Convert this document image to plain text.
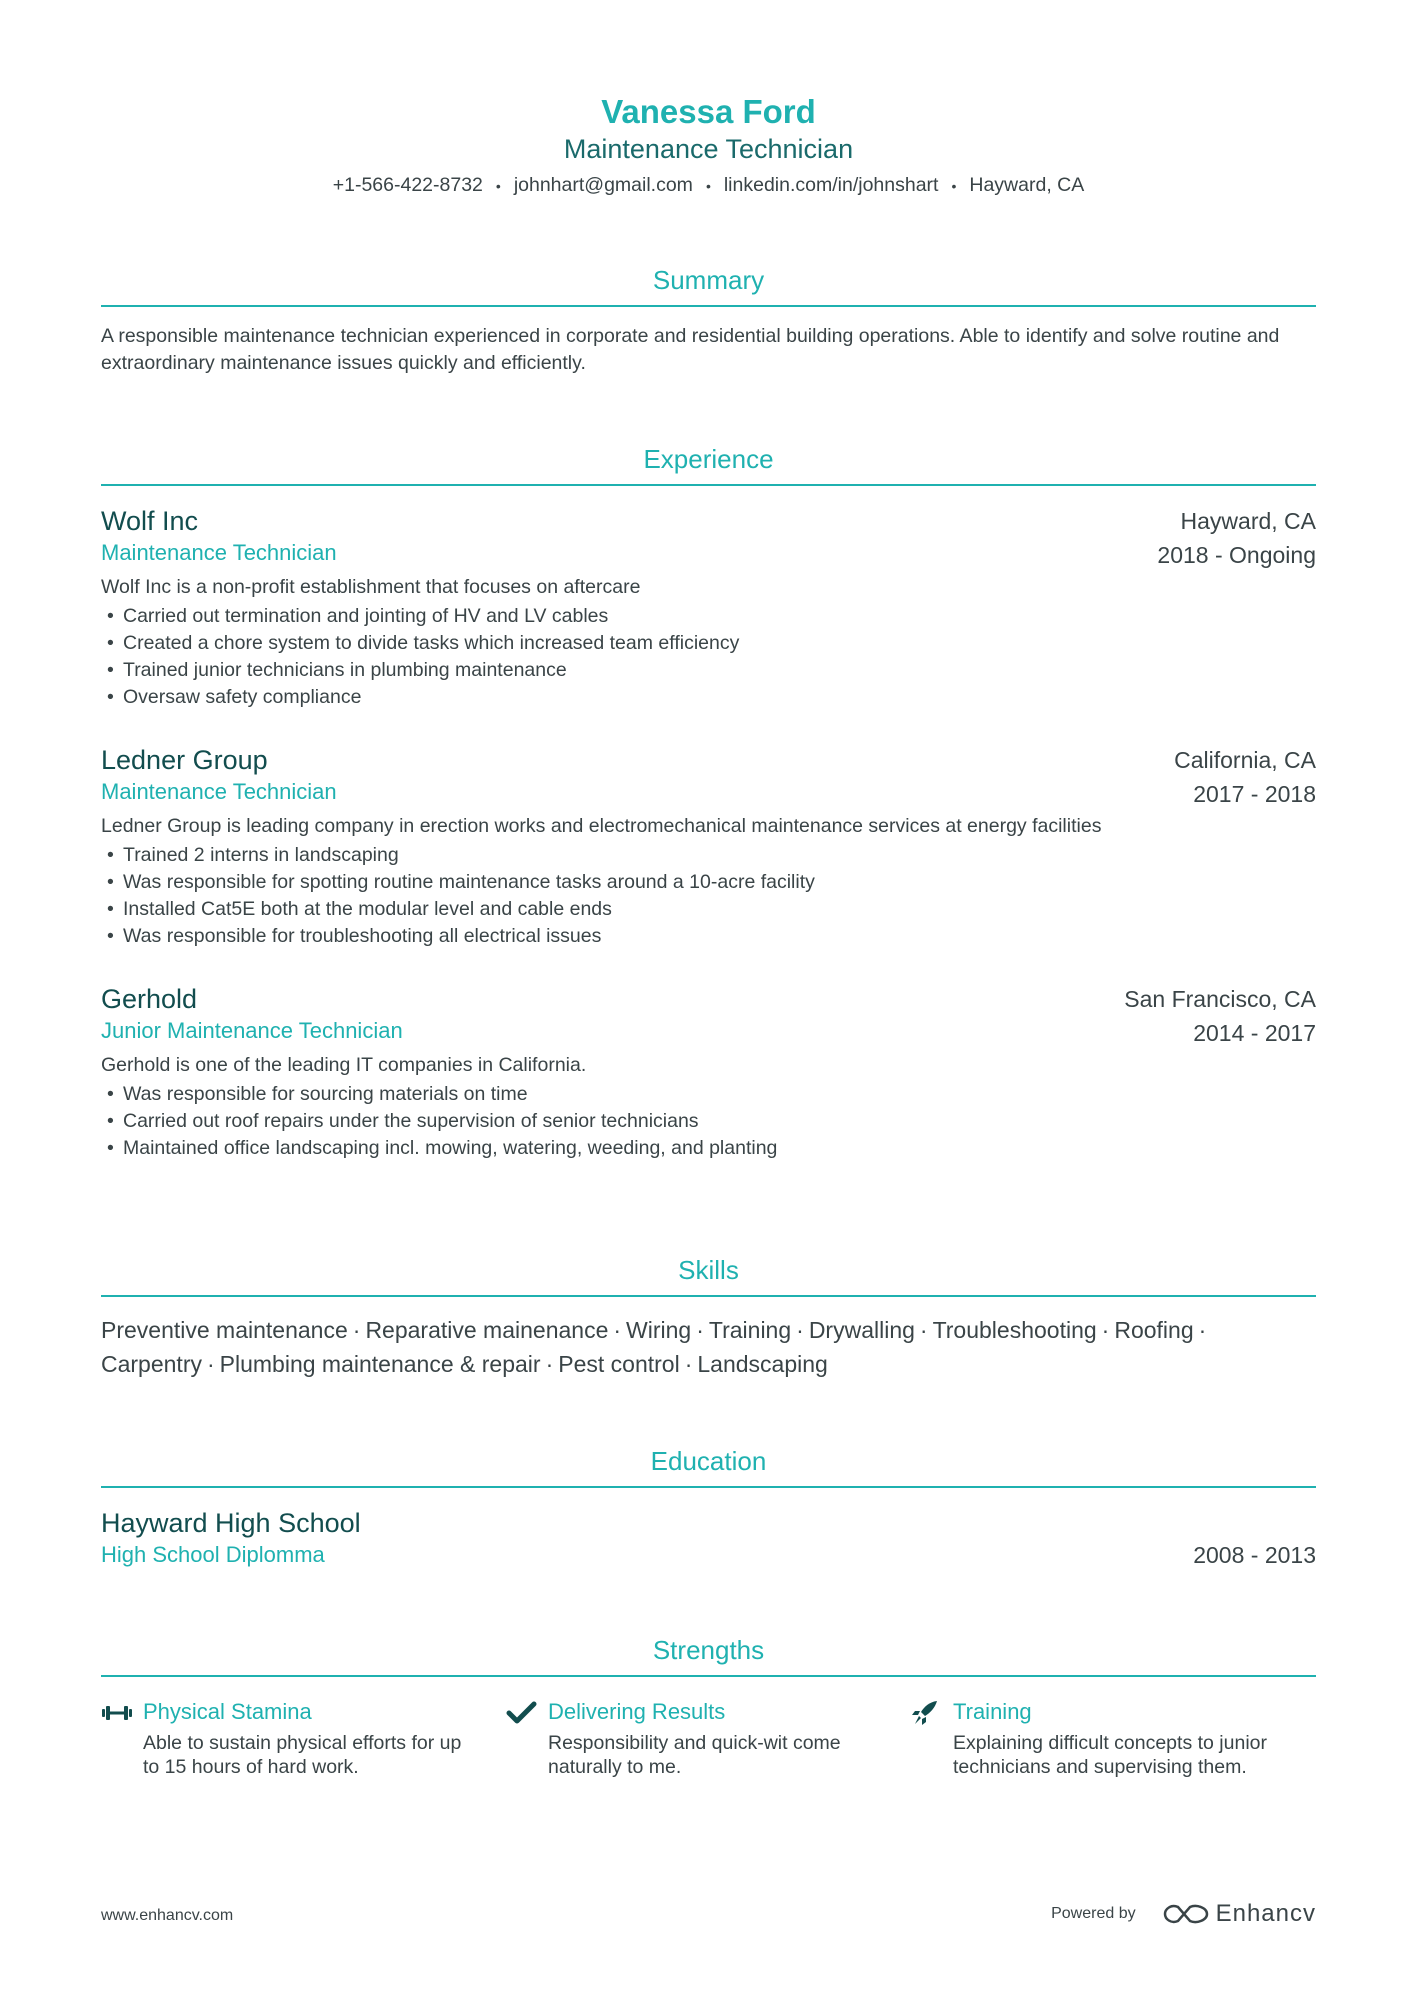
Vanessa Ford
Maintenance Technician
+1-566-422-8732 • johnhart@gmail.com • linkedin.com/in/johnshart • Hayward, CA
Summary
A responsible maintenance technician experienced in corporate and residential building operations. Able to identify and solve routine and extraordinary maintenance issues quickly and efficiently.
Experience
Wolf Inc
Maintenance Technician
Hayward, CA
2018 - Ongoing
Wolf Inc is a non-profit establishment that focuses on aftercare
• Carried out termination and jointing of HV and LV cables
• Created a chore system to divide tasks which increased team efficiency
• Trained junior technicians in plumbing maintenance
• Oversaw safety compliance
Ledner Group
Maintenance Technician
California, CA
2017 - 2018
Ledner Group is leading company in erection works and electromechanical maintenance services at energy facilities
• Trained 2 interns in landscaping
• Was responsible for spotting routine maintenance tasks around a 10-acre facility
• Installed Cat5E both at the modular level and cable ends
• Was responsible for troubleshooting all electrical issues
Gerhold
Junior Maintenance Technician
San Francisco, CA
2014 - 2017
Gerhold is one of the leading IT companies in California.
• Was responsible for sourcing materials on time
• Carried out roof repairs under the supervision of senior technicians
• Maintained office landscaping incl. mowing, watering, weeding, and planting
Skills
Preventive maintenance · Reparative mainenance · Wiring · Training · Drywalling · Troubleshooting · Roofing ·
Carpentry · Plumbing maintenance & repair · Pest control · Landscaping
Education
Hayward High School
High School Diplomma	2008 - 2013
Strengths
Physical Stamina
Able to sustain physical efforts for up to 15 hours of hard work.
Delivering Results
Responsibility and quick-wit come naturally to me.
Training
Explaining difficult concepts to junior technicians and supervising them.
www.enhancv.com	Powered by	Enhancv
